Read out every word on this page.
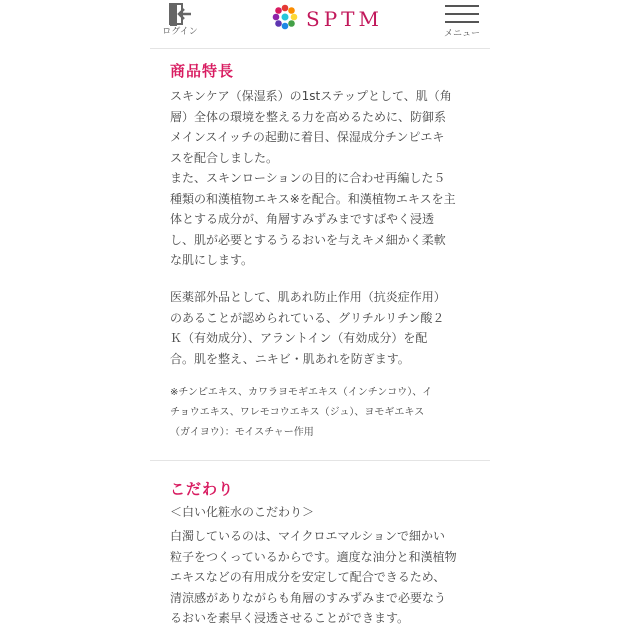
ログイン
SPTM
メニュー
商品特長

スキンケア（保湿系）の1stステップとして、肌（角

層）全体の環境を整える力を高めるために、防御系

メインスイッチの起動に着目、保湿成分チンピエキ

スを配合しました。

また、スキンローションの目的に合わせ再編した５

種類の和漢植物エキス※を配合。和漢植物エキスを主

体とする成分が、角層すみずみまですばやく浸透

し、肌が必要とするうるおいを与えキメ細かく柔軟

な肌にします。

医薬部外品として、肌あれ防止作用（抗炎症作用）

のあることが認められている、グリチルリチン酸２

Ｋ（有効成分）、アラントイン（有効成分）を配

合。肌を整え、ニキビ・肌あれを防ぎます。

※チンピエキス、カワラヨモギエキス（インチンコウ）、イ

チョウエキス、ワレモコウエキス（ジュ）、ヨモギエキス

（ガイヨウ）：モイスチャー作用

こだわり
＜白い化粧水のこだわり＞

白濁しているのは、マイクロエマルションで細かい

粒子をつくっているからです。適度な油分と和漢植物

エキスなどの有用成分を安定して配合できるため、

清涼感がありながらも角層のすみずみまで必要なう

るおいを素早く浸透させることができます。
